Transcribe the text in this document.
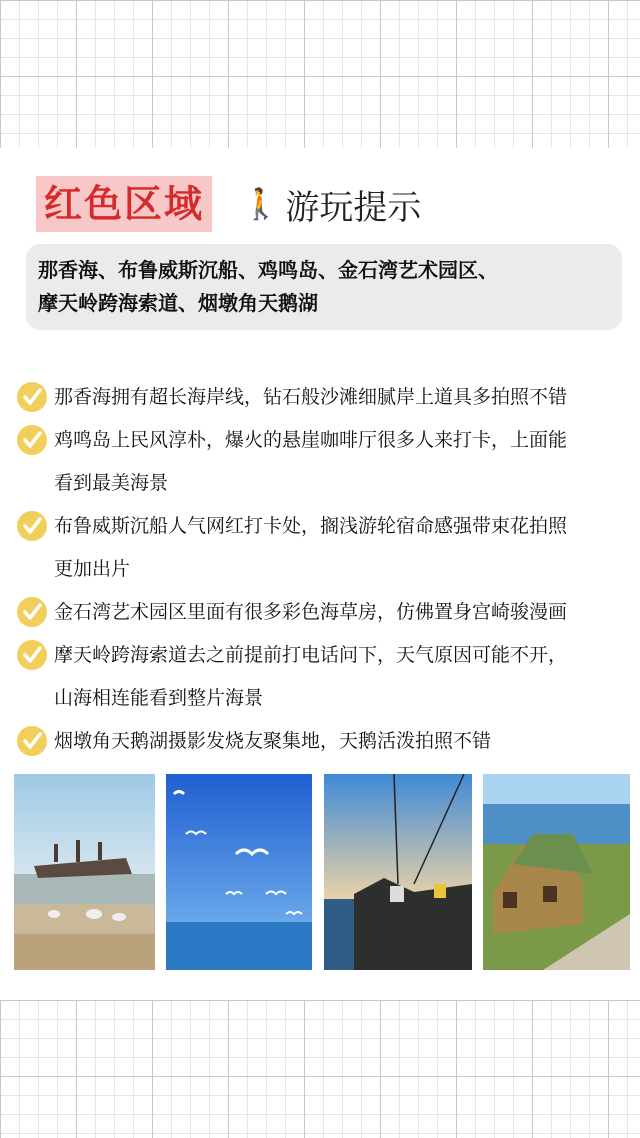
红色区域 🚶 游玩提示
那香海、布鲁威斯沉船、鸡鸣岛、金石湾艺术园区、
摩天岭跨海索道、烟墩角天鹅湖
那香海拥有超长海岸线，钻石般沙滩细腻岸上道具多拍照不错
鸡鸣岛上民风淳朴，爆火的悬崖咖啡厅很多人来打卡，上面能
看到最美海景
布鲁威斯沉船人气网红打卡处，搁浅游轮宿命感强带束花拍照
更加出片
金石湾艺术园区里面有很多彩色海草房，仿佛置身宫崎骏漫画
摩天岭跨海索道去之前提前打电话问下，天气原因可能不开，
山海相连能看到整片海景
烟墩角天鹅湖摄影发烧友聚集地，天鹅活泼拍照不错
